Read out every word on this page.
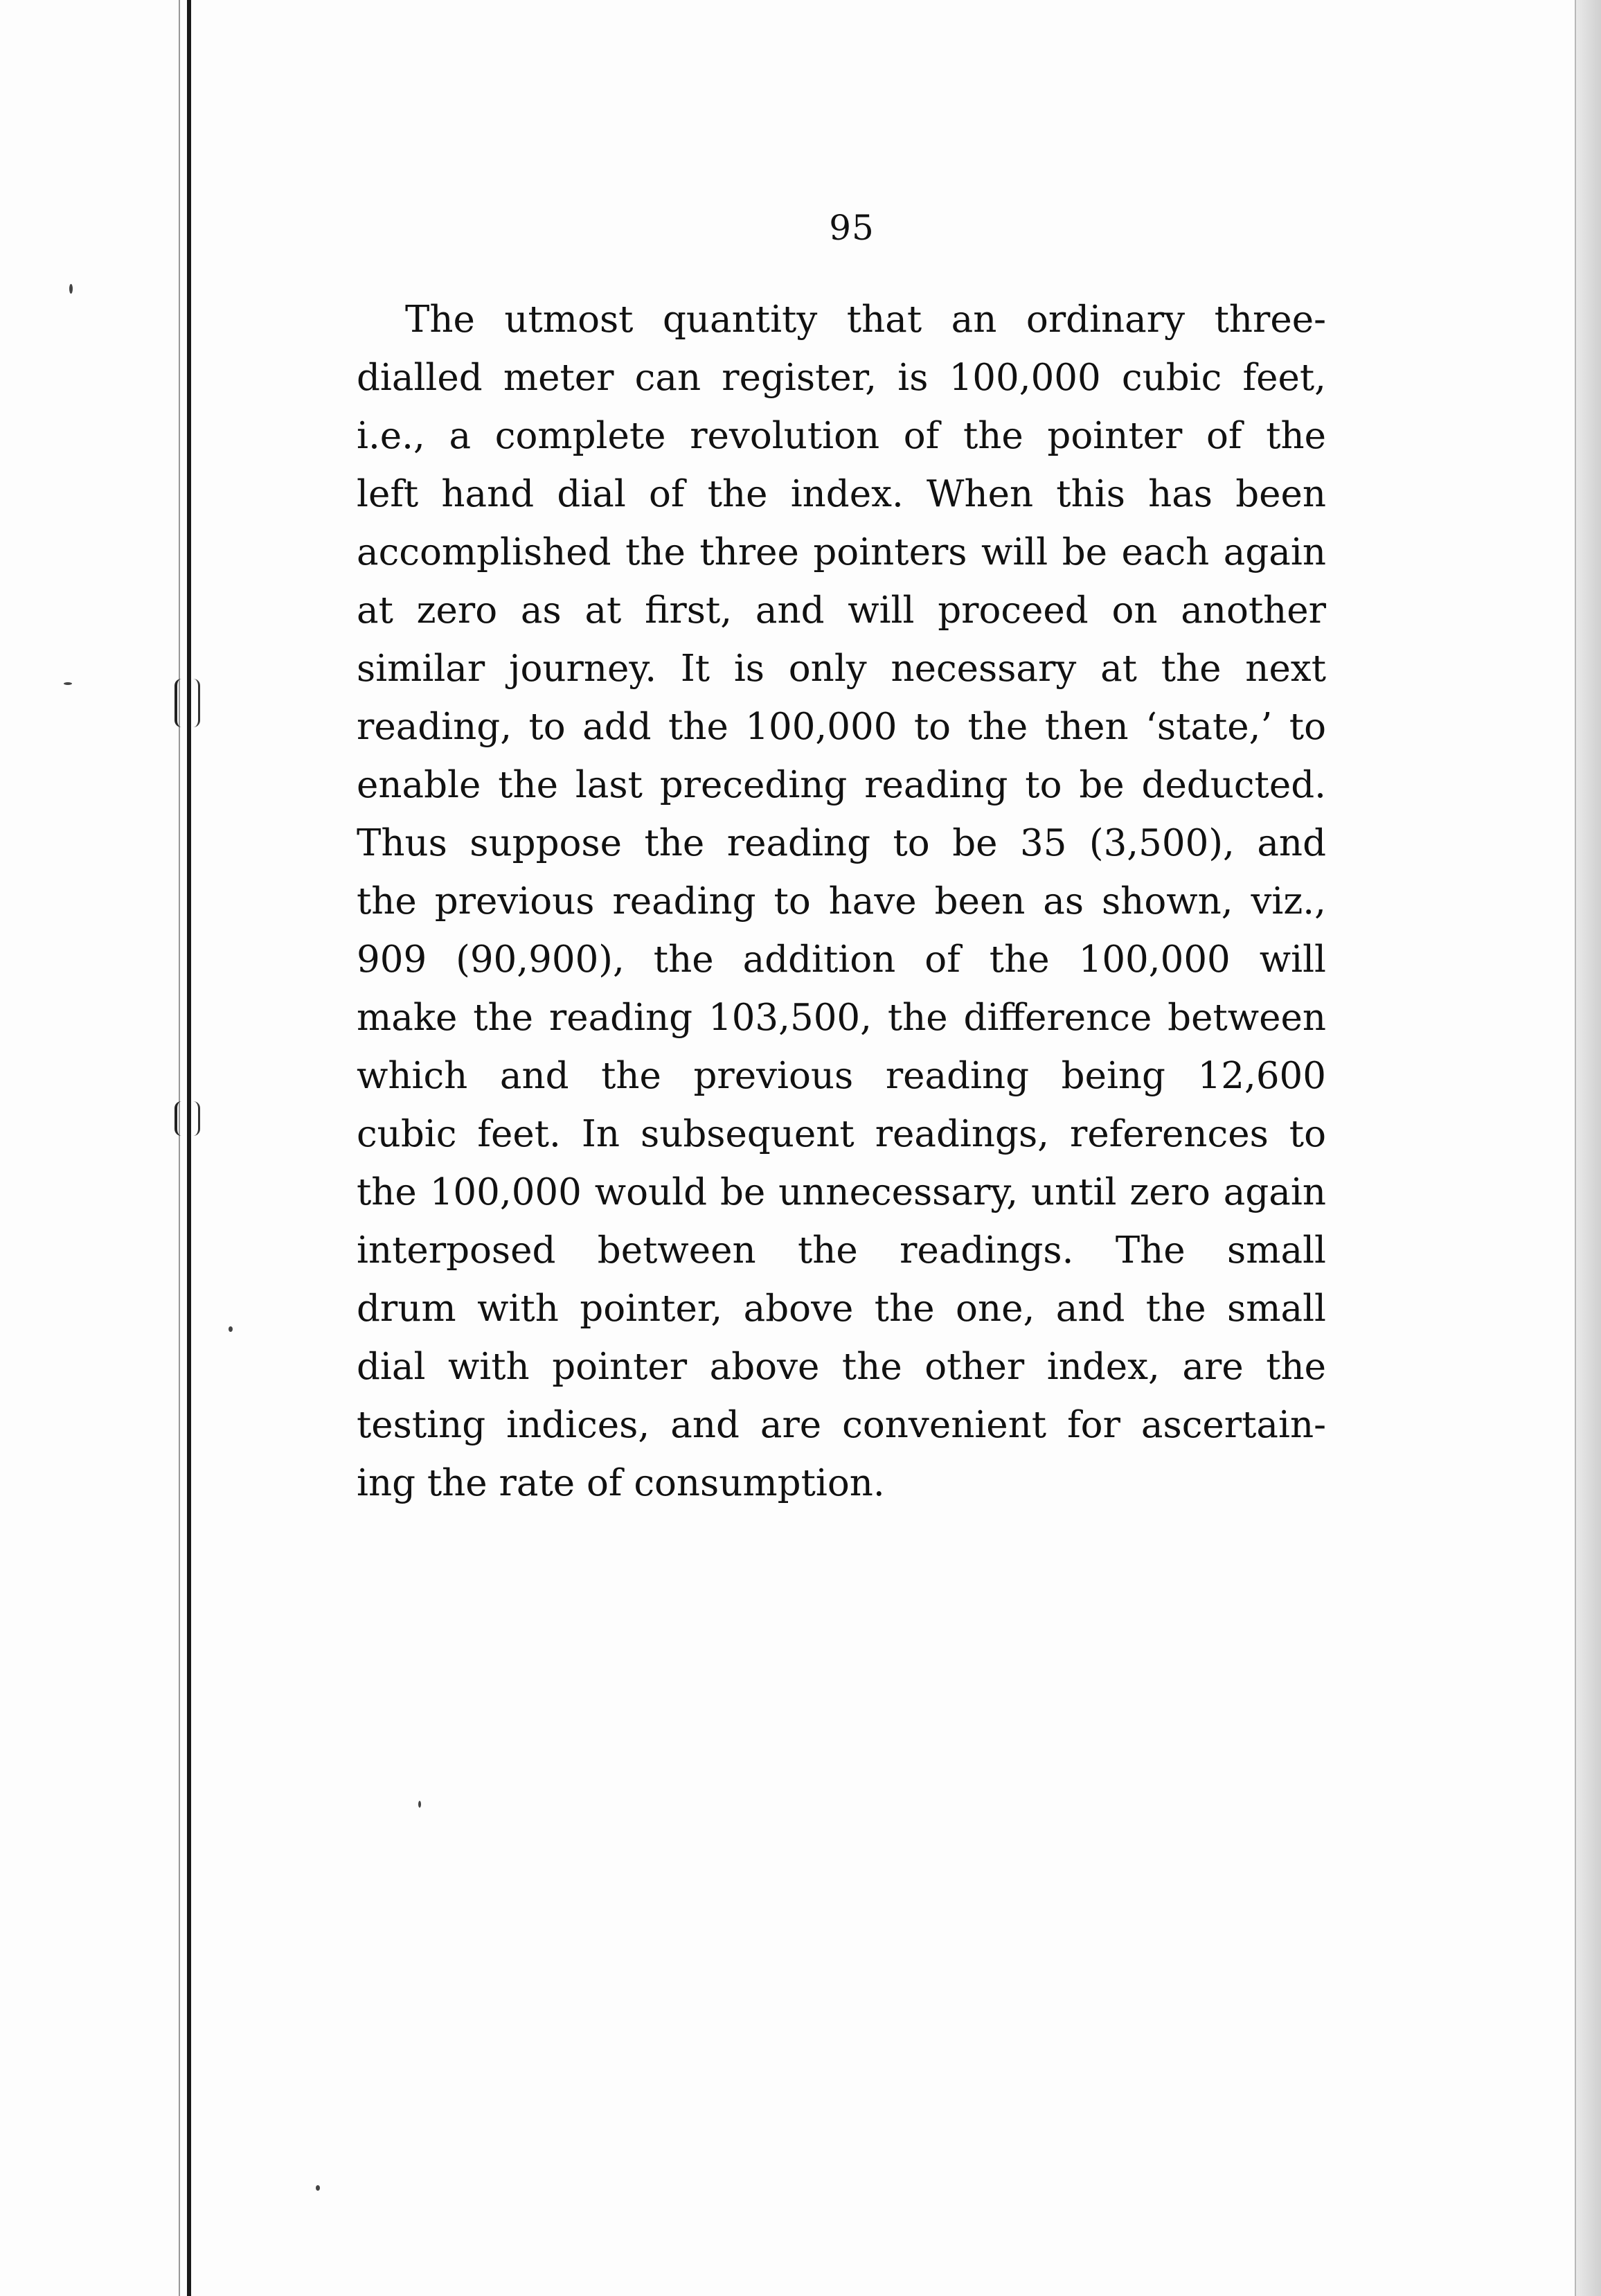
95
The utmost quantity that an ordinary three-
dialled meter can register, is 100,000 cubic feet,
i.e., a complete revolution of the pointer of the
left hand dial of the index. When this has been
accomplished the three pointers will be each again
at zero as at first, and will proceed on another
similar journey. It is only necessary at the next
reading, to add the 100,000 to the then ‘state,’ to
enable the last preceding reading to be deducted.
Thus suppose the reading to be 35 (3,500), and
the previous reading to have been as shown, viz.,
909 (90,900), the addition of the 100,000 will
make the reading 103,500, the difference between
which and the previous reading being 12,600
cubic feet. In subsequent readings, references to
the 100,000 would be unnecessary, until zero again
interposed between the readings. The small
drum with pointer, above the one, and the small
dial with pointer above the other index, are the
testing indices, and are convenient for ascertain-
ing the rate of consumption.
